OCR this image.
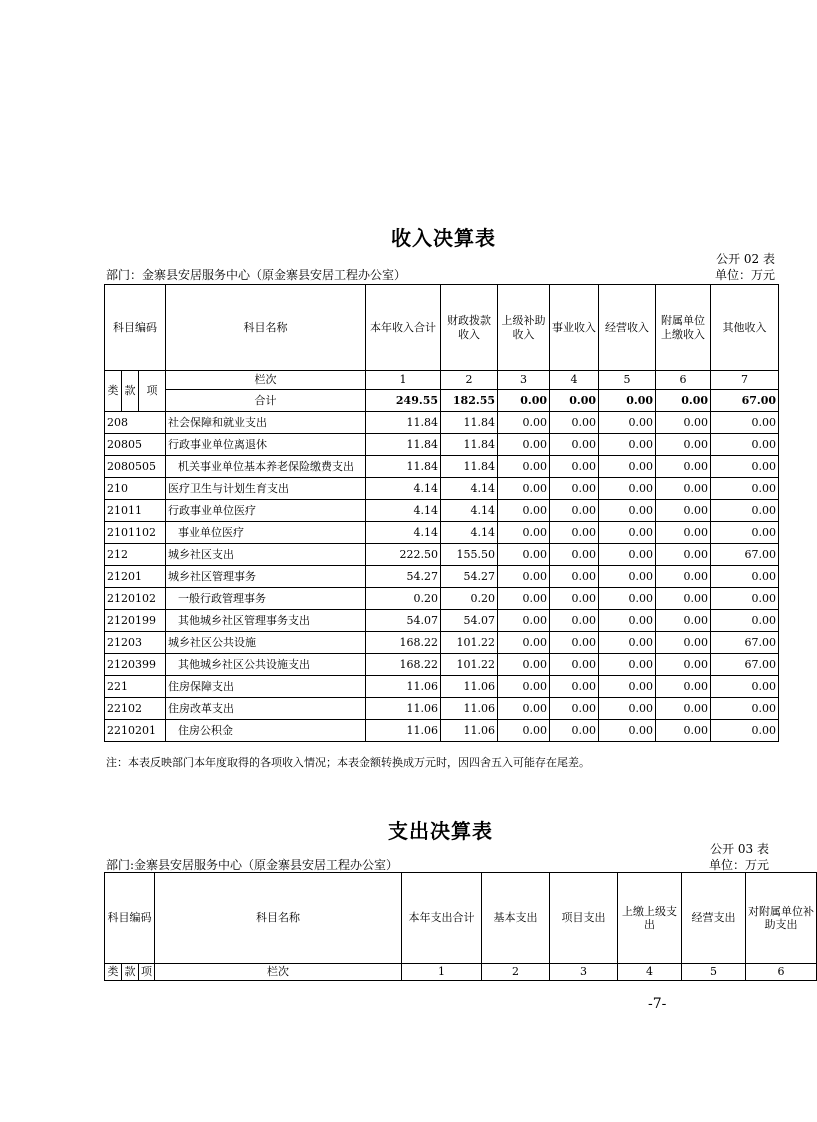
收入决算表
公开 02 表
部门：金寨县安居服务中心（原金寨县安居工程办公室）	单位：万元
科目编码			科目名称	本年收入合计	财政拨款收入	上级补助收入	事业收入	经营收入	附属单位上缴收入	其他收入
类	款	项	栏次	1	2	3	4	5	6	7
			合计	249.55	182.55	0.00	0.00	0.00	0.00	67.00
208			社会保障和就业支出	11.84	11.84	0.00	0.00	0.00	0.00	0.00
20805			行政事业单位离退休	11.84	11.84	0.00	0.00	0.00	0.00	0.00
2080505			机关事业单位基本养老保险缴费支出	11.84	11.84	0.00	0.00	0.00	0.00	0.00
210			医疗卫生与计划生育支出	4.14	4.14	0.00	0.00	0.00	0.00	0.00
21011			行政事业单位医疗	4.14	4.14	0.00	0.00	0.00	0.00	0.00
2101102			事业单位医疗	4.14	4.14	0.00	0.00	0.00	0.00	0.00
212			城乡社区支出	222.50	155.50	0.00	0.00	0.00	0.00	67.00
21201			城乡社区管理事务	54.27	54.27	0.00	0.00	0.00	0.00	0.00
2120102			一般行政管理事务	0.20	0.20	0.00	0.00	0.00	0.00	0.00
2120199			其他城乡社区管理事务支出	54.07	54.07	0.00	0.00	0.00	0.00	0.00
21203			城乡社区公共设施	168.22	101.22	0.00	0.00	0.00	0.00	67.00
2120399			其他城乡社区公共设施支出	168.22	101.22	0.00	0.00	0.00	0.00	67.00
221			住房保障支出	11.06	11.06	0.00	0.00	0.00	0.00	0.00
22102			住房改革支出	11.06	11.06	0.00	0.00	0.00	0.00	0.00
2210201			住房公积金	11.06	11.06	0.00	0.00	0.00	0.00	0.00
注：本表反映部门本年度取得的各项收入情况；本表金额转换成万元时，因四舍五入可能存在尾差。
支出决算表
公开 03 表
部门:金寨县安居服务中心（原金寨县安居工程办公室）	单位：万元
科目编码			科目名称	本年支出合计	基本支出	项目支出	上缴上级支出	经营支出	对附属单位补助支出
类	款	项	栏次	1	2	3	4	5	6
-7-
